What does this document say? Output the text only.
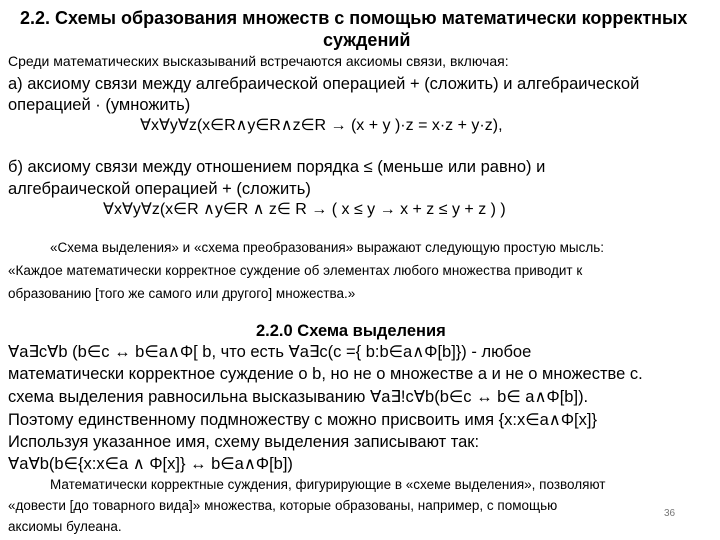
2.2. Схемы образования множеств с помощью математически корректных
суждений
Среди математических высказываний встречаются аксиомы связи, включая:
а) аксиому связи между алгебраической операцией + (сложить) и алгебраической
операцией · (умножить)
∀x∀y∀z(x∈R∧y∈R∧z∈R → (x + y )·z = x·z + y·z),
б) аксиому связи между отношением порядка ≤ (меньше или равно) и
алгебраической операцией + (сложить)
∀x∀y∀z(x∈R ∧y∈R ∧ z∈ R → ( x ≤ y → x + z ≤ y + z ) )
«Схема выделения» и «схема преобразования» выражают следующую простую мысль:
«Каждое математически корректное суждение об элементах любого множества приводит к
образованию [того же самого или другого] множества.»
2.2.0 Схема выделения
∀a∃c∀b (b∈c ↔ b∈a∧Φ[ b, что есть ∀a∃c(c ={ b:b∈a∧Φ[b]}) - любое
математически корректное суждение о b, но не о множестве a и не о множестве c.
схема выделения равносильна высказыванию ∀a∃!c∀b(b∈c ↔ b∈ a∧Φ[b]).
Поэтому единственному подмножеству с можно присвоить имя {x:x∈a∧Φ[x]}
Используя указанное имя, схему выделения записывают так:
∀a∀b(b∈{x:x∈a ∧ Φ[x]} ↔ b∈a∧Φ[b])
Математически корректные суждения, фигурирующие в «схеме выделения», позволяют
«довести [до товарного вида]» множества, которые образованы, например, с помощью
аксиомы булеана.
36
